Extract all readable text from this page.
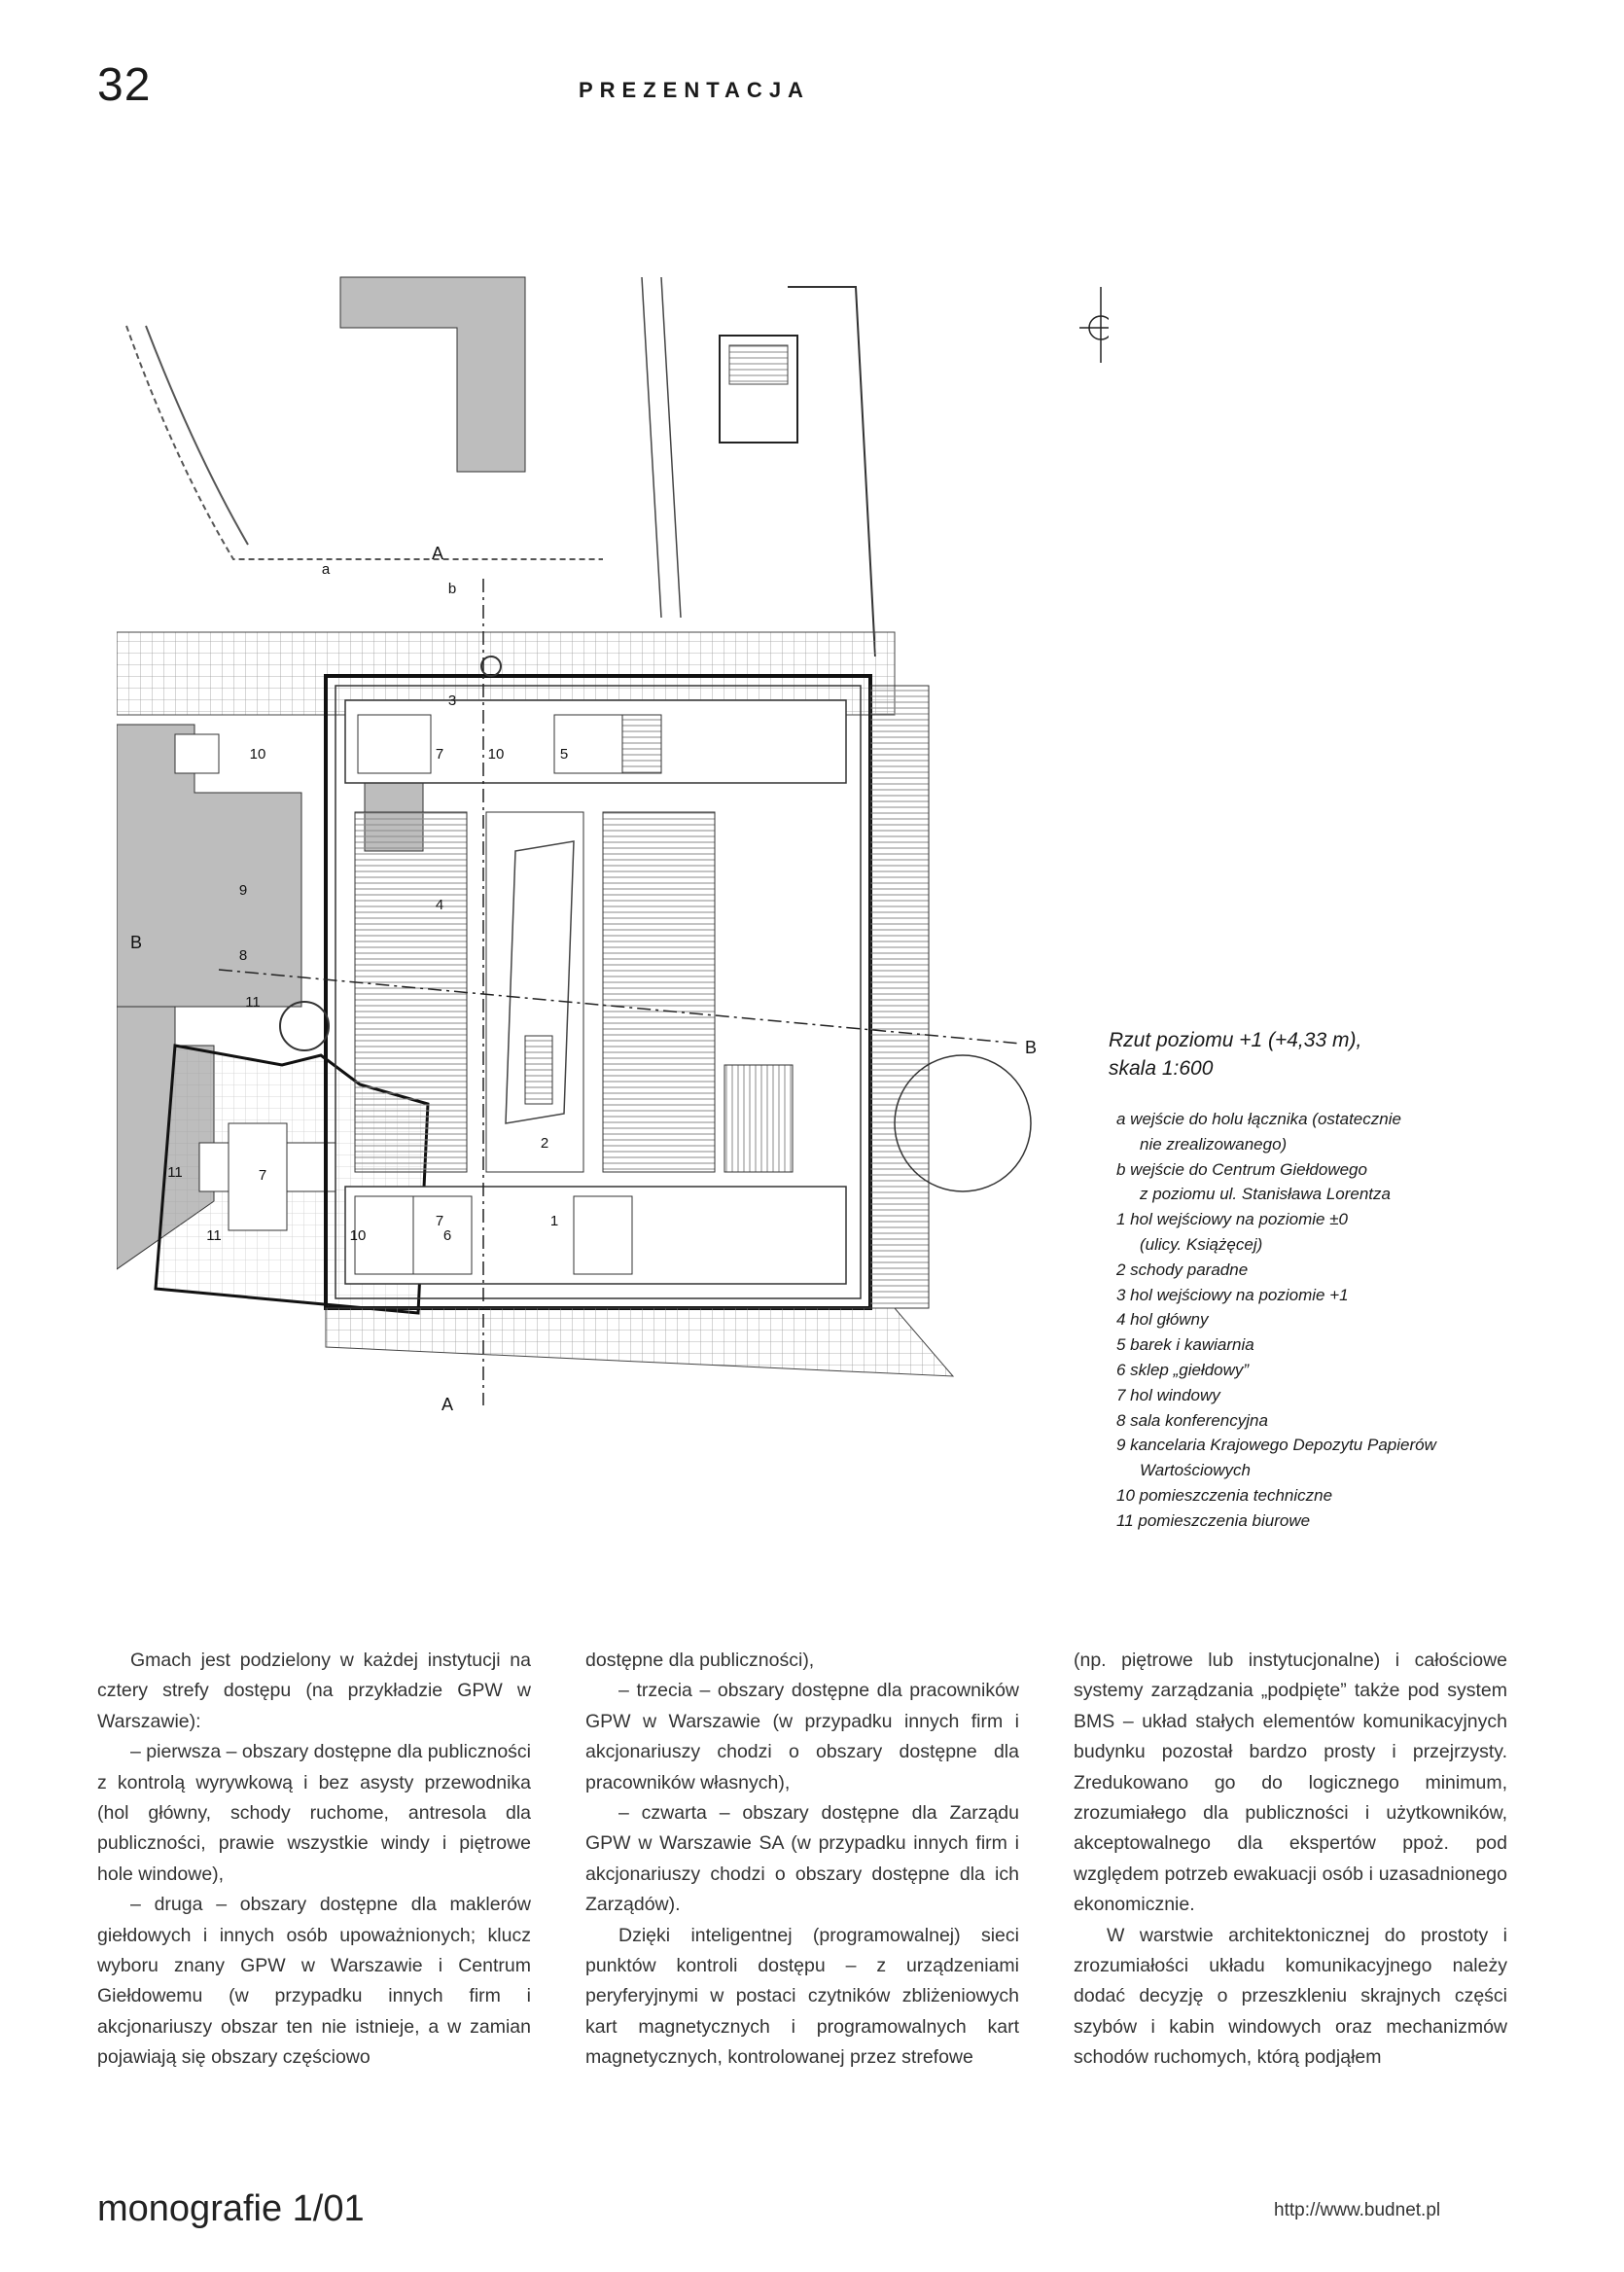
32	PREZENTACJA
a
b
A
A
B
B
1
2
3
4
5
6
7
7
7
8
9
10	10
10
11
11
11
Rzut poziomu +1 (+4,33 m),
skala 1:600
a wejście do holu łącznika (ostatecznie
nie zrealizowanego)
b wejście do Centrum Giełdowego
z poziomu ul. Stanisława Lorentza
1 hol wejściowy na poziomie ±0
(ulicy. Książęcej)
2 schody paradne
3 hol wejściowy na poziomie +1
4 hol główny
5 barek i kawiarnia
6 sklep „giełdowy”
7 hol windowy
8 sala konferencyjna
9 kancelaria Krajowego Depozytu Papierów
Wartościowych
10 pomieszczenia techniczne
11 pomieszczenia biurowe

Gmach jest podzielony w każdej instytucji na cztery strefy dostępu (na przykładzie GPW w Warszawie):

– pierwsza – obszary dostępne dla publiczności z kontrolą wyrywkową i bez asysty przewodnika (hol główny, schody ruchome, antresola dla publiczności, prawie wszystkie windy i piętrowe hole windowe),

– druga – obszary dostępne dla maklerów giełdowych i innych osób upoważnionych; klucz wyboru znany GPW w Warszawie i Centrum Giełdowemu (w przypadku innych firm i akcjonariuszy obszar ten nie istnieje, a w zamian pojawiają się obszary częściowo

dostępne dla publiczności),

– trzecia – obszary dostępne dla pracowników GPW w Warszawie (w przypadku innych firm i akcjonariuszy chodzi o obszary dostępne dla pracowników własnych),

– czwarta – obszary dostępne dla Zarządu GPW w Warszawie SA (w przypadku innych firm i akcjonariuszy chodzi o obszary dostępne dla ich Zarządów).

Dzięki inteligentnej (programowalnej) sieci punktów kontroli dostępu – z urządzeniami peryferyjnymi w postaci czytników zbliżeniowych kart magnetycznych i programowalnych kart magnetycznych, kontrolowanej przez strefowe

(np. piętrowe lub instytucjonalne) i całościowe systemy zarządzania „podpięte” także pod system BMS – układ stałych elementów komunikacyjnych budynku pozostał bardzo prosty i przejrzysty. Zredukowano go do logicznego minimum, zrozumiałego dla publiczności i użytkowników, akceptowalnego dla ekspertów ppoż. pod względem potrzeb ewakuacji osób i uzasadnionego ekonomicznie.

W warstwie architektonicznej do prostoty i zrozumiałości układu komunikacyjnego należy dodać decyzję o przeszkleniu skrajnych części szybów i kabin windowych oraz mechanizmów schodów ruchomych, którą podjąłem

monografie 1/01	http://www.budnet.pl
